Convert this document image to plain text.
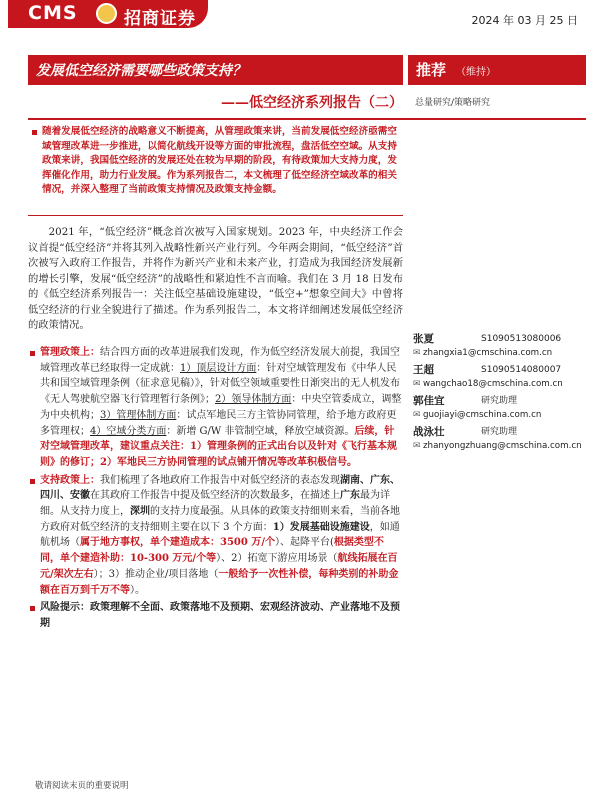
CMS	招商证券	2024 年 03 月 25 日
发展低空经济需要哪些政策支持？
——低空经济系列报告（二）
推荐 （维持）
总量研究/策略研究
随着发展低空经济的战略意义不断提高，从管理政策来讲，当前发展低空经济亟需空域管理改革进一步推进，以简化航线开设等方面的审批流程，盘活低空空域。从支持政策来讲，我国低空经济的发展还处在较为早期的阶段，有待政策加大支持力度，发挥催化作用，助力行业发展。作为系列报告二，本文梳理了低空经济空域改革的相关情况，并深入整理了当前政策支持情况及政策支持金额。
2021 年，“低空经济”概念首次被写入国家规划。2023 年，中央经济工作会议首提“低空经济”并将其列入战略性新兴产业行列。今年两会期间，“低空经济”首次被写入政府工作报告，并将作为新兴产业和未来产业，打造成为我国经济发展新的增长引擎，发展“低空经济”的战略性和紧迫性不言而喻。我们在 3 月 18 日发布的《低空经济系列报告一：关注低空基础设施建设，“低空+”想象空间大》中曾将低空经济的行业全貌进行了描述。作为系列报告二，本文将详细阐述发展低空经济的政策情况。
管理政策上：结合四方面的改革进展我们发现，作为低空经济发展大前提，我国空域管理改革已经取得一定成就：1）顶层设计方面：针对空域管理发布《中华人民共和国空域管理条例（征求意见稿）》，针对低空领域重要性日渐突出的无人机发布《无人驾驶航空器飞行管理暂行条例》；2）领导体制方面：中央空管委成立，调整为中央机构；3）管理体制方面：试点军地民三方主管协同管理，给予地方政府更多管理权；4）空域分类方面：新增 G/W 非管制空域，释放空域资源。后续，针对空域管理改革，建议重点关注：1）管理条例的正式出台以及针对《飞行基本规则》的修订；2）军地民三方协同管理的试点铺开情况等改革积极信号。
支持政策上：我们梳理了各地政府工作报告中对低空经济的表态发现湖南、广东、四川、安徽在其政府工作报告中提及低空经济的次数最多，在描述上广东最为详细。从支持力度上，深圳的支持力度最强。从具体的政策支持细则来看，当前各地方政府对低空经济的支持细则主要在以下 3 个方面：1）发展基础设施建设，如通航机场（属于地方事权，单个建造成本：3500 万/个）、起降平台(根据类型不同，单个建造补助：10-300 万元/个等）、2）拓宽下游应用场景（航线拓展在百元/架次左右）；3）推动企业/项目落地（一般给予一次性补偿，每种类别的补助金额在百万到千万不等）。
风险提示：政策理解不全面、政策落地不及预期、宏观经济波动、产业落地不及预期
张夏	S1090513080006
✉ zhangxia1@cmschina.com.cn
王超	S1090514080007
✉ wangchao18@cmschina.com.cn
郭佳宜	研究助理
✉ guojiayi@cmschina.com.cn
战泳壮	研究助理
✉ zhanyongzhuang@cmschina.com.cn
敬请阅读末页的重要说明
